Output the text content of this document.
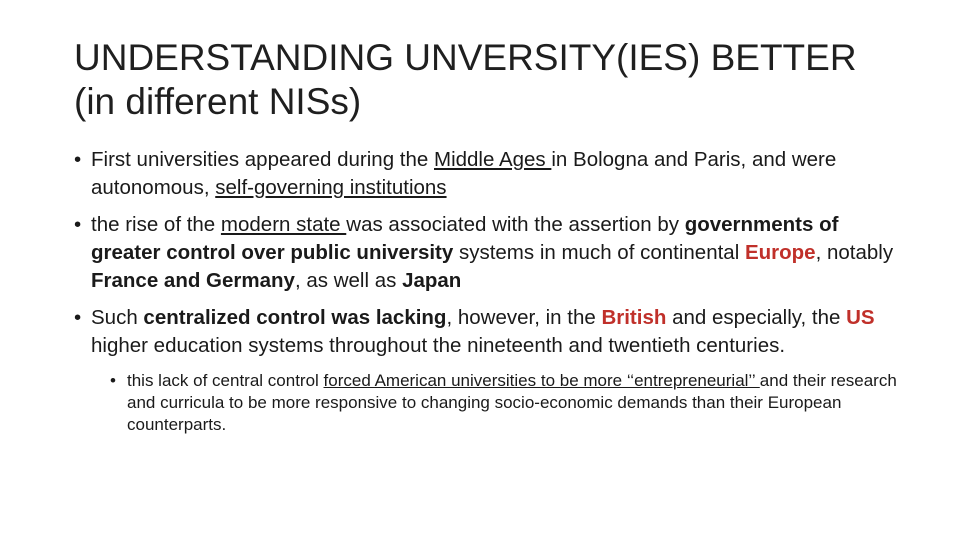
UNDERSTANDING UNVERSITY(IES) BETTER (in different NISs)
• First universities appeared during the Middle Ages in Bologna and Paris, and were autonomous, self-governing institutions
• the rise of the modern state was associated with the assertion by governments of greater control over public university systems in much of continental Europe, notably France and Germany, as well as Japan
• Such centralized control was lacking, however, in the British and especially, the US higher education systems throughout the nineteenth and twentieth centuries.
• this lack of central control forced American universities to be more ‘‘entrepreneurial’’ and their research and curricula to be more responsive to changing socio-economic demands than their European counterparts.
